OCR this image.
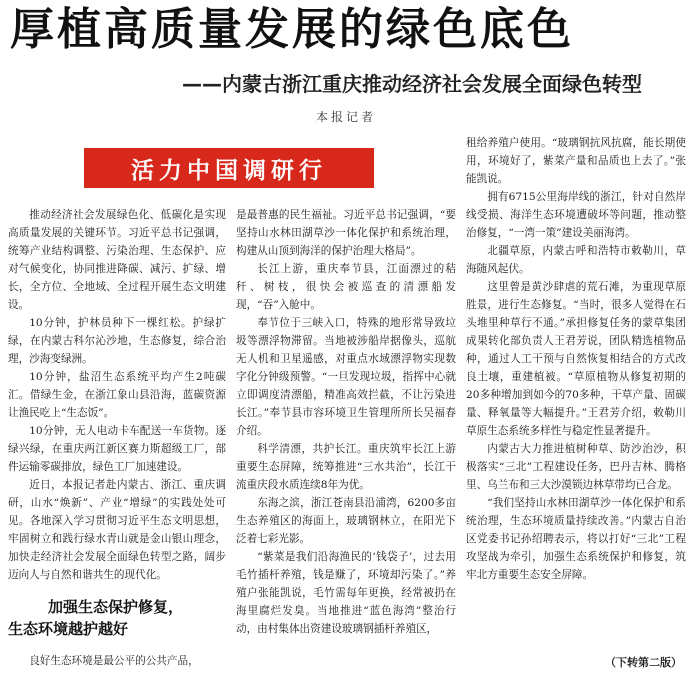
厚植高质量发展的绿色底色
——内蒙古浙江重庆推动经济社会发展全面绿色转型
本报记者
活力中国调研行

推动经济社会发展绿色化、低碳化是实现高质量发展的关键环节。习近平总书记强调，统筹产业结构调整、污染治理、生态保护、应对气候变化，协同推进降碳、减污、扩绿、增长，全方位、全地域、全过程开展生态文明建设。

10分钟，护林员种下一棵红松。护绿扩绿，在内蒙古科尔沁沙地，生态修复，综合治理，沙海变绿洲。

10分钟，盐沼生态系统平均产生2吨碳汇。借绿生金，在浙江象山县沿海，蓝碳资源让渔民吃上“生态饭”。

10分钟，无人电动卡车配送一车货物。逐绿兴绿，在重庆两江新区赛力斯超级工厂，部件运输零碳排放，绿色工厂加速建设。

近日，本报记者赴内蒙古、浙江、重庆调研，山水“焕新”、产业“增绿”的实践处处可见。各地深入学习贯彻习近平生态文明思想，牢固树立和践行绿水青山就是金山银山理念，加快走经济社会发展全面绿色转型之路，阔步迈向人与自然和谐共生的现代化。

加强生态保护修复，
生态环境越护越好

良好生态环境是最公平的公共产品，

是最普惠的民生福祉。习近平总书记强调，“要坚持山水林田湖草沙一体化保护和系统治理，构建从山顶到海洋的保护治理大格局”。

长江上游，重庆奉节县，江面漂过的秸秆、树枝，很快会被巡查的清漂船发现，“吞”入舱中。

奉节位于三峡入口，特殊的地形常导致垃圾等漂浮物滞留。当地被涉船岸据像头，巡航无人机和卫星遥感，对重点水域漂浮物实现数字化分钟级预警。“一旦发现垃圾，指挥中心就立即调度清漂船，精准高效拦截，不让污染进长江。”奉节县市容环境卫生管理所所长吴福春介绍。

科学清漂，共护长江。重庆筑牢长江上游重要生态屏障，统筹推进“三水共治”，长江干流重庆段水质连续8年为优。

东海之滨，浙江苍南县沿浦湾，6200多亩生态养殖区的海面上，玻璃钢林立，在阳光下泛着七彩光影。

“紫菜是我们沿海渔民的‘钱袋子’，过去用毛竹插杆养殖，钱是赚了，环境却污染了。”养殖户张能凯说，毛竹需每年更换，经常被扔在海里腐烂发臭。当地推进“蓝色海湾”整治行动，由村集体出资建设玻璃钢插杆养殖区，

租给养殖户使用。“玻璃钢抗风抗腐，能长期使用，环境好了，紫菜产量和品质也上去了。”张能凯说。

拥有6715公里海岸线的浙江，针对自然岸线受损、海洋生态环境遭破坏等问题，推动整治修复，“一湾一策”建设美丽海湾。

北疆草原，内蒙古呼和浩特市敕勒川，草海随风起伏。

这里曾是黄沙肆虐的荒石滩，为重现草原胜景，进行生态修复。“当时，很多人觉得在石头堆里种草行不通。”承担修复任务的蒙草集团成果转化部负责人王君芳说，团队精选植物品种，通过人工干预与自然恢复相结合的方式改良土壤，重建植被。“草原植物从修复初期的20多种增加到如今的70多种，干草产量、固碳量、释氧量等大幅提升。”王君芳介绍，敕勒川草原生态系统多样性与稳定性显著提升。

内蒙古大力推进植树种草、防沙治沙，积极落实“三北”工程建设任务，巴丹吉林、腾格里、乌兰布和三大沙漠锁边林草带均已合龙。

“我们坚持山水林田湖草沙一体化保护和系统治理，生态环境质量持续改善。”内蒙古自治区党委书记孙绍聘表示，将以打好“三北”工程攻坚战为牵引，加强生态系统保护和修复，筑牢北方重要生态安全屏障。

（下转第二版）
